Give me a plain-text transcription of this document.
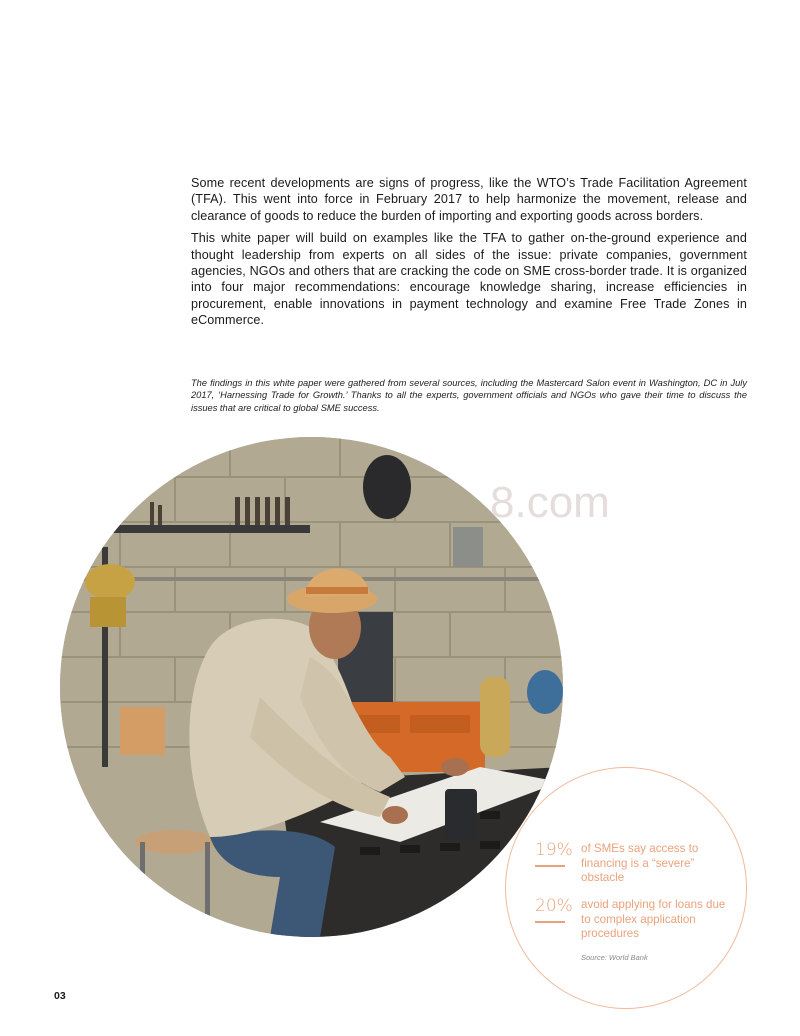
Some recent developments are signs of progress, like the WTO’s Trade Facilitation Agreement (TFA). This went into force in February 2017 to help harmonize the movement, release and clearance of goods to reduce the burden of importing and exporting goods across borders.

This white paper will build on examples like the TFA to gather on-the-ground experience and thought leadership from experts on all sides of the issue: private companies, government agencies, NGOs and others that are cracking the code on SME cross-border trade. It is organized into four major recommendations: encourage knowledge sharing, increase efficiencies in procurement, enable innovations in payment technology and examine Free Trade Zones in eCommerce.

The findings in this white paper were gathered from several sources, including the Mastercard Salon event in Washington, DC in July 2017, ‘Harnessing Trade for Growth.’ Thanks to all the experts, government officials and NGOs who gave their time to discuss the issues that are critical to global SME success.
8.com
19% of SMEs say access to financing is a “severe” obstacle
20% avoid applying for loans due to complex application procedures
Source: World Bank
03
